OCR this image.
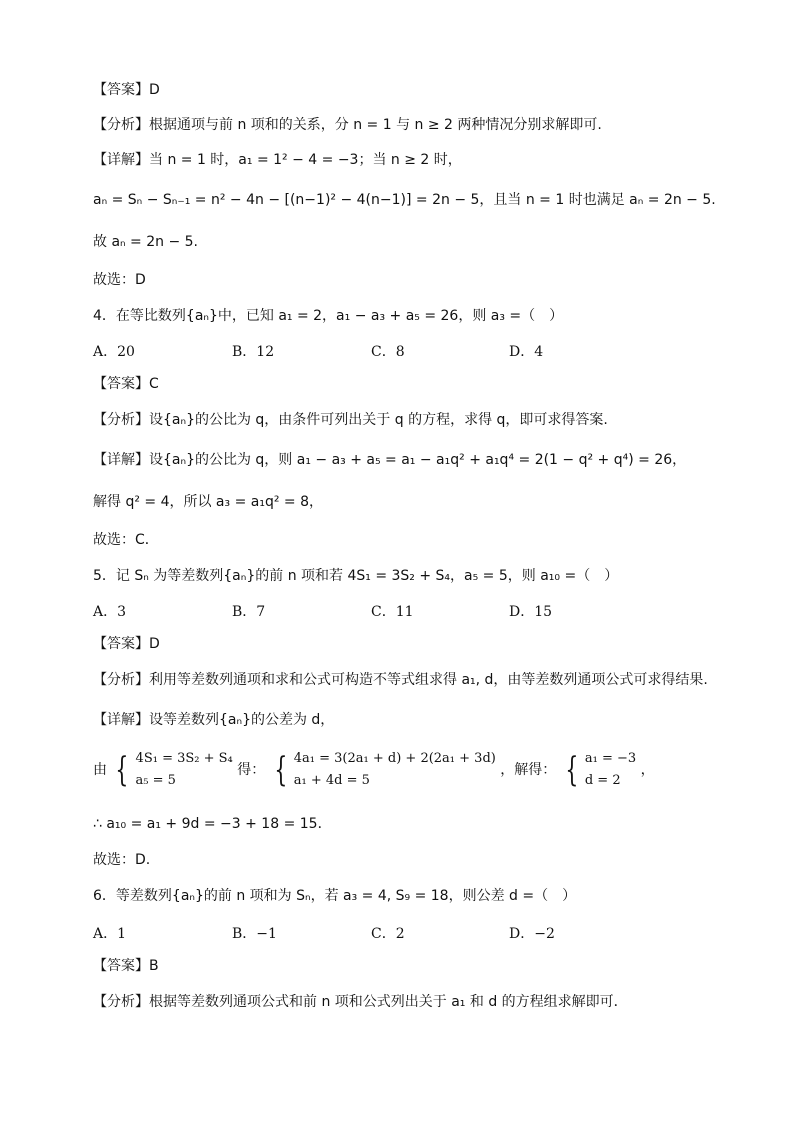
【答案】D
【分析】根据通项与前 n 项和的关系，分 n = 1 与 n ≥ 2 两种情况分别求解即可.
【详解】当 n = 1 时，a₁ = 1² − 4 = −3；当 n ≥ 2 时，
aₙ = Sₙ − Sₙ₋₁ = n² − 4n − [(n−1)² − 4(n−1)] = 2n − 5，且当 n = 1 时也满足 aₙ = 2n − 5.
故 aₙ = 2n − 5.
故选：D
4．在等比数列{aₙ}中，已知 a₁ = 2，a₁ − a₃ + a₅ = 26，则 a₃ =（　）
A．20	B．12	C．8	D．4
【答案】C
【分析】设{aₙ}的公比为 q，由条件可列出关于 q 的方程，求得 q，即可求得答案.
【详解】设{aₙ}的公比为 q，则 a₁ − a₃ + a₅ = a₁ − a₁q² + a₁q⁴ = 2(1 − q² + q⁴) = 26，
解得 q² = 4，所以 a₃ = a₁q² = 8，
故选：C．
5．记 Sₙ 为等差数列{aₙ}的前 n 项和若 4S₁ = 3S₂ + S₄，a₅ = 5，则 a₁₀ =（　）
A．3	B．7	C．11	D．15
【答案】D
【分析】利用等差数列通项和求和公式可构造不等式组求得 a₁, d，由等差数列通项公式可求得结果.
【详解】设等差数列{aₙ}的公差为 d，
由 { 4S₁ = 3S₂ + S₄
a₅ = 5
得： { 4a₁ = 3(2a₁ + d) + 2(2a₁ + 3d)
a₁ + 4d = 5
，解得： { a₁ = −3
d = 2
，
∴ a₁₀ = a₁ + 9d = −3 + 18 = 15．
故选：D.
6．等差数列{aₙ}的前 n 项和为 Sₙ，若 a₃ = 4, S₉ = 18，则公差 d =（　）
A．1	B．−1	C．2	D．−2
【答案】B
【分析】根据等差数列通项公式和前 n 项和公式列出关于 a₁ 和 d 的方程组求解即可．
